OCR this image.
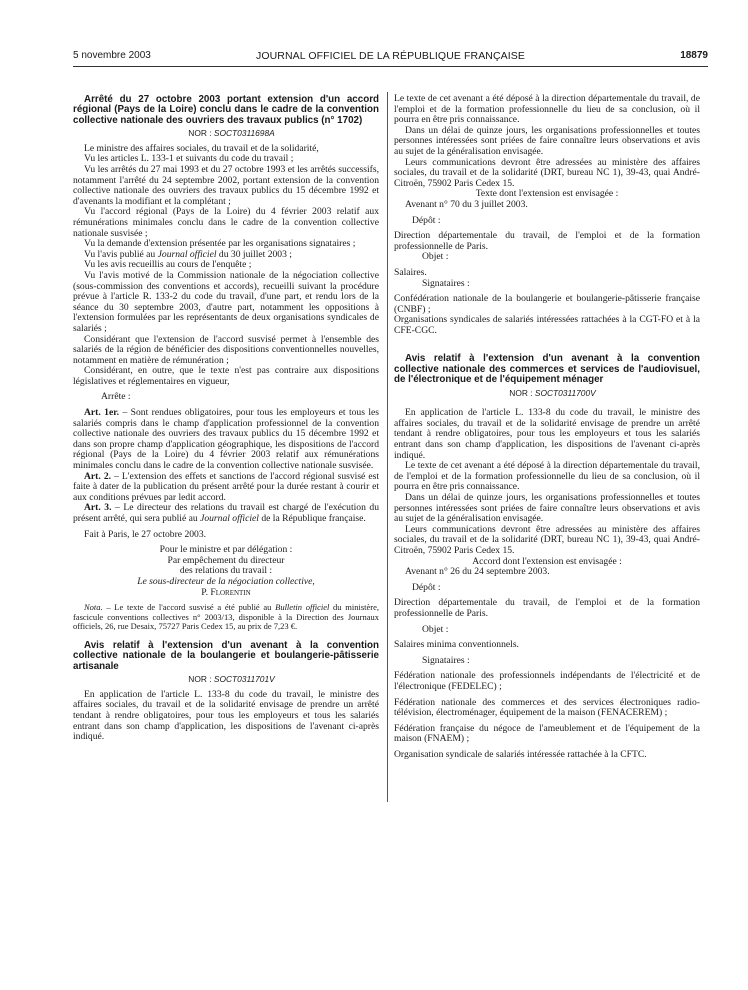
5 novembre 2003	JOURNAL OFFICIEL DE LA RÉPUBLIQUE FRANÇAISE	18879

Arrêté du 27 octobre 2003 portant extension d'un accord régional (Pays de la Loire) conclu dans le cadre de la convention collective nationale des ouvriers des travaux publics (n° 1702)

NOR : SOCT0311698A

Le ministre des affaires sociales, du travail et de la solidarité,

Vu les articles L. 133-1 et suivants du code du travail ;

Vu les arrêtés du 27 mai 1993 et du 27 octobre 1993 et les arrêtés successifs, notamment l'arrêté du 24 septembre 2002, portant extension de la convention collective nationale des ouvriers des travaux publics du 15 décembre 1992 et d'avenants la modifiant et la complétant ;

Vu l'accord régional (Pays de la Loire) du 4 février 2003 relatif aux rémunérations minimales conclu dans le cadre de la convention collective nationale susvisée ;

Vu la demande d'extension présentée par les organisations signataires ;

Vu l'avis publié au Journal officiel du 30 juillet 2003 ;

Vu les avis recueillis au cours de l'enquête ;

Vu l'avis motivé de la Commission nationale de la négociation collective (sous-commission des conventions et accords), recueilli suivant la procédure prévue à l'article R. 133-2 du code du travail, d'une part, et rendu lors de la séance du 30 septembre 2003, d'autre part, notamment les oppositions à l'extension formulées par les représentants de deux organisations syndicales de salariés ;

Considérant que l'extension de l'accord susvisé permet à l'ensemble des salariés de la région de bénéficier des dispositions conventionnelles nouvelles, notamment en matière de rémunération ;

Considérant, en outre, que le texte n'est pas contraire aux dispositions législatives et réglementaires en vigueur,

Arrête :

Art. 1er. – Sont rendues obligatoires, pour tous les employeurs et tous les salariés compris dans le champ d'application professionnel de la convention collective nationale des ouvriers des travaux publics du 15 décembre 1992 et dans son propre champ d'application géographique, les dispositions de l'accord régional (Pays de la Loire) du 4 février 2003 relatif aux rémunérations minimales conclu dans le cadre de la convention collective nationale susvisée.

Art. 2. – L'extension des effets et sanctions de l'accord régional susvisé est faite à dater de la publication du présent arrêté pour la durée restant à courir et aux conditions prévues par ledit accord.

Art. 3. – Le directeur des relations du travail est chargé de l'exécution du présent arrêté, qui sera publié au Journal officiel de la République française.

Fait à Paris, le 27 octobre 2003.

Pour le ministre et par délégation :
Par empêchement du directeur
des relations du travail :
Le sous-directeur de la négociation collective,
P. Florentin

Nota. – Le texte de l'accord susvisé a été publié au Bulletin officiel du ministère, fascicule conventions collectives n° 2003/13, disponible à la Direction des Journaux officiels, 26, rue Desaix, 75727 Paris Cedex 15, au prix de 7,23 €.

Avis relatif à l'extension d'un avenant à la convention collective nationale de la boulangerie et boulangerie-pâtisserie artisanale

NOR : SOCT0311701V

En application de l'article L. 133-8 du code du travail, le ministre des affaires sociales, du travail et de la solidarité envisage de prendre un arrêté tendant à rendre obligatoires, pour tous les employeurs et tous les salariés entrant dans son champ d'application, les dispositions de l'avenant ci-après indiqué.

Le texte de cet avenant a été déposé à la direction départementale du travail, de l'emploi et de la formation professionnelle du lieu de sa conclusion, où il pourra en être pris connaissance.

Dans un délai de quinze jours, les organisations professionnelles et toutes personnes intéressées sont priées de faire connaître leurs observations et avis au sujet de la généralisation envisagée.

Leurs communications devront être adressées au ministère des affaires sociales, du travail et de la solidarité (DRT, bureau NC 1), 39-43, quai André-Citroën, 75902 Paris Cedex 15.

Texte dont l'extension est envisagée :

Avenant n° 70 du 3 juillet 2003.

Dépôt :

Direction départementale du travail, de l'emploi et de la formation professionnelle de Paris.

Objet :

Salaires.

Signataires :

Confédération nationale de la boulangerie et boulangerie-pâtisserie française (CNBF) ;

Organisations syndicales de salariés intéressées rattachées à la CGT-FO et à la CFE-CGC.

Avis relatif à l'extension d'un avenant à la convention collective nationale des commerces et services de l'audiovisuel, de l'électronique et de l'équipement ménager

NOR : SOCT0311700V

En application de l'article L. 133-8 du code du travail, le ministre des affaires sociales, du travail et de la solidarité envisage de prendre un arrêté tendant à rendre obligatoires, pour tous les employeurs et tous les salariés entrant dans son champ d'application, les dispositions de l'avenant ci-après indiqué.

Le texte de cet avenant a été déposé à la direction départementale du travail, de l'emploi et de la formation professionnelle du lieu de sa conclusion, où il pourra en être pris connaissance.

Dans un délai de quinze jours, les organisations professionnelles et toutes personnes intéressées sont priées de faire connaître leurs observations et avis au sujet de la généralisation envisagée.

Leurs communications devront être adressées au ministère des affaires sociales, du travail et de la solidarité (DRT, bureau NC 1), 39-43, quai André-Citroën, 75902 Paris Cedex 15.

Accord dont l'extension est envisagée :

Avenant n° 26 du 24 septembre 2003.

Dépôt :

Direction départementale du travail, de l'emploi et de la formation professionnelle de Paris.

Objet :

Salaires minima conventionnels.

Signataires :

Fédération nationale des professionnels indépendants de l'électricité et de l'électronique (FEDELEC) ;

Fédération nationale des commerces et des services électroniques radio-télévision, électroménager, équipement de la maison (FENACEREM) ;

Fédération française du négoce de l'ameublement et de l'équipement de la maison (FNAEM) ;

Organisation syndicale de salariés intéressée rattachée à la CFTC.
